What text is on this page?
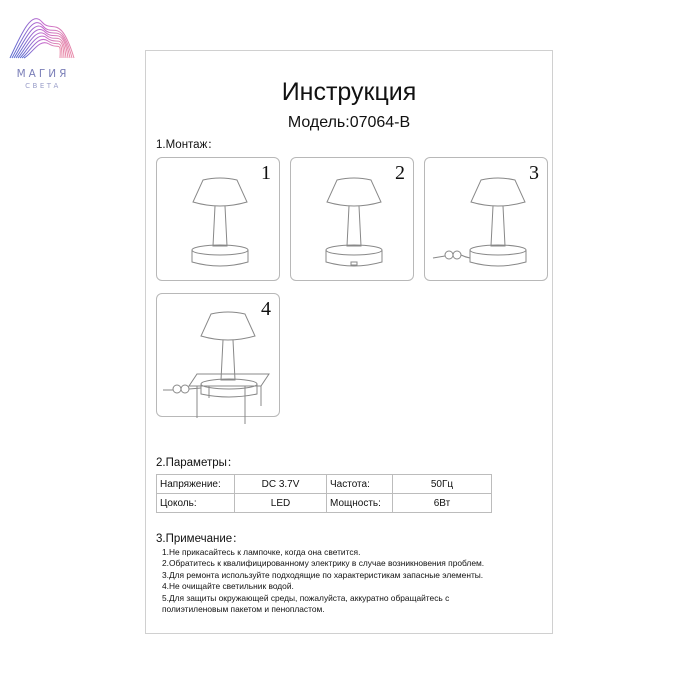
МАГИЯ
СВЕТА	Инструкция
Модель:07064-B
1.Монтаж：
1	2	3
4
2.Параметры：
Напряжение:	DC 3.7V	Частота:	50Гц
Цоколь:	LED	Мощность:	6Вт
3.Примечание：
1.Не прикасайтесь к лампочке, когда она светится.
2.Обратитесь к квалифицированному электрику в случае возникновения проблем.
3.Для ремонта используйте подходящие по характеристикам запасные элементы.
4.Не очищайте светильник водой.
5.Для защиты окружающей среды, пожалуйста, аккуратно обращайтесь с
полиэтиленовым пакетом и пенопластом.
